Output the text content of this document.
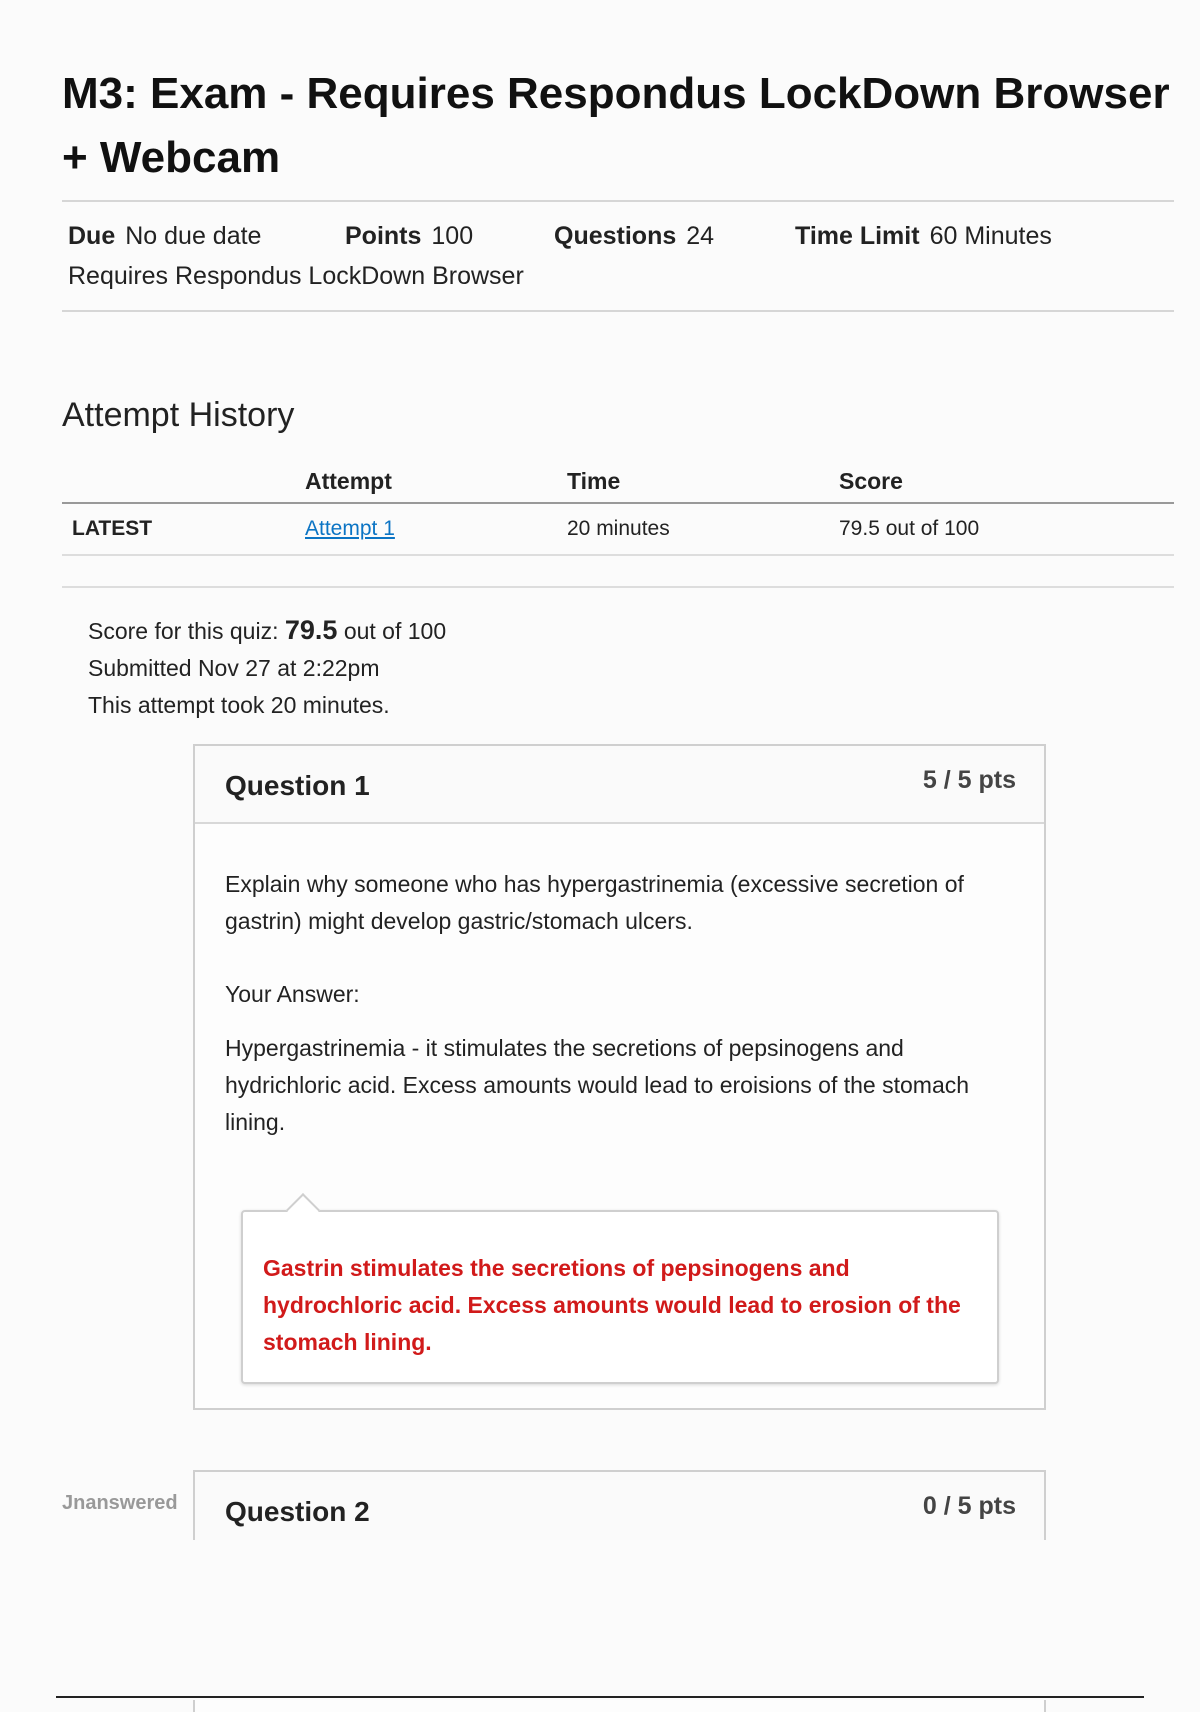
M3: Exam - Requires Respondus LockDown Browser + Webcam
Due No due date	Points 100	Questions 24	Time Limit 60 Minutes
Requires Respondus LockDown Browser
Attempt History
	Attempt	Time	Score
LATEST	Attempt 1	20 minutes	79.5 out of 100

Score for this quiz: 79.5 out of 100
Submitted Nov 27 at 2:22pm
This attempt took 20 minutes.
Question 1	5 / 5 pts
Explain why someone who has hypergastrinemia (excessive secretion of gastrin) might develop gastric/stomach ulcers.
Your Answer:
Hypergastrinemia - it stimulates the secretions of pepsinogens and hydrichloric acid. Excess amounts would lead to eroisions of the stomach lining.
Gastrin stimulates the secretions of pepsinogens and hydrochloric acid. Excess amounts would lead to erosion of the stomach lining.
Jnanswered Question 2	0 / 5 pts
